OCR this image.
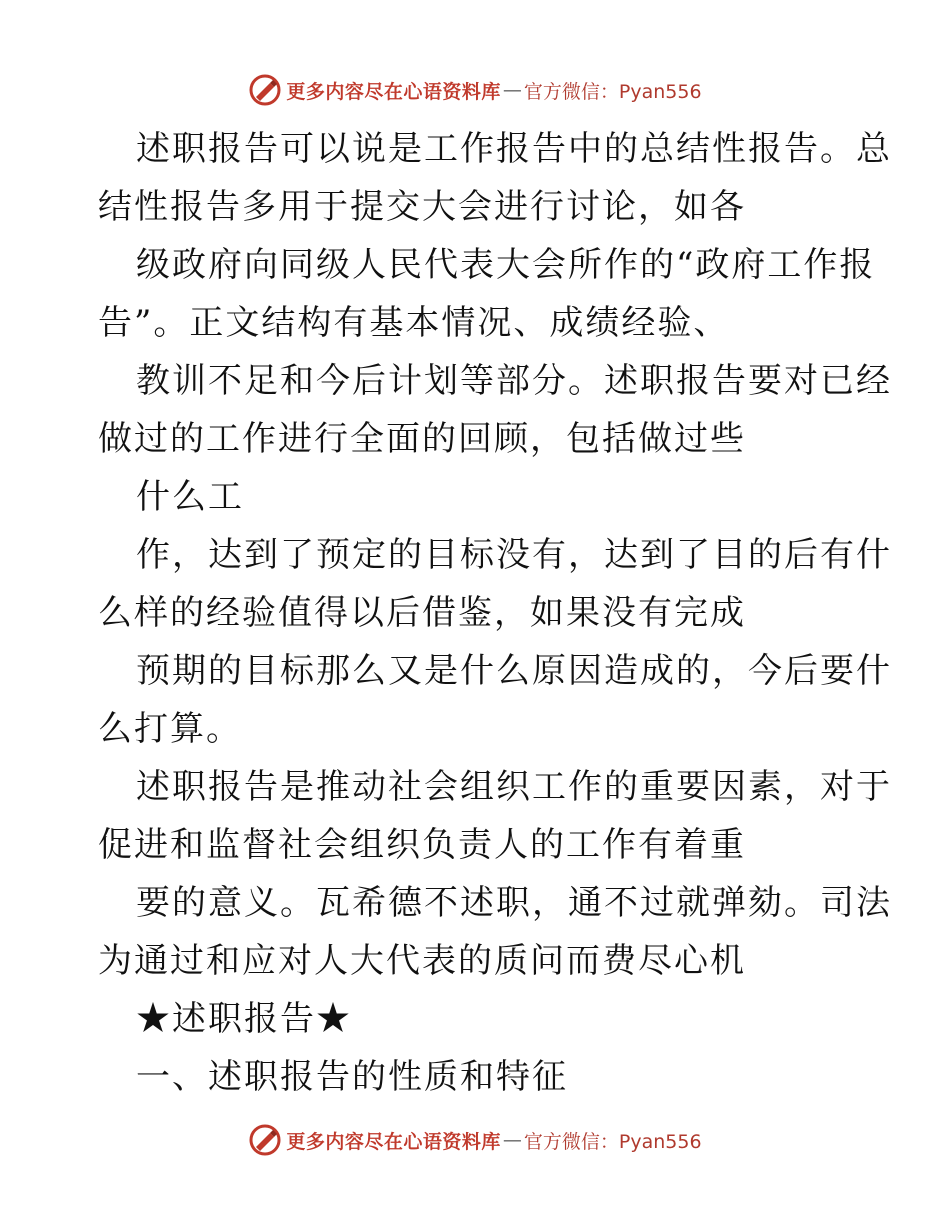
更多内容尽在心语资料库 — 官方微信：Pyan556
述职报告可以说是工作报告中的总结性报告。总
结性报告多用于提交大会进行讨论，如各
级政府向同级人民代表大会所作的“政府工作报
告”。正文结构有基本情况、成绩经验、
教训不足和今后计划等部分。述职报告要对已经
做过的工作进行全面的回顾，包括做过些
什么工
作，达到了预定的目标没有，达到了目的后有什
么样的经验值得以后借鉴，如果没有完成
预期的目标那么又是什么原因造成的，今后要什
么打算。
述职报告是推动社会组织工作的重要因素，对于
促进和监督社会组织负责人的工作有着重
要的意义。瓦希德不述职，通不过就弹劾。司法
为通过和应对人大代表的质问而费尽心机
★述职报告★
一、述职报告的性质和特征
更多内容尽在心语资料库 — 官方微信：Pyan556
